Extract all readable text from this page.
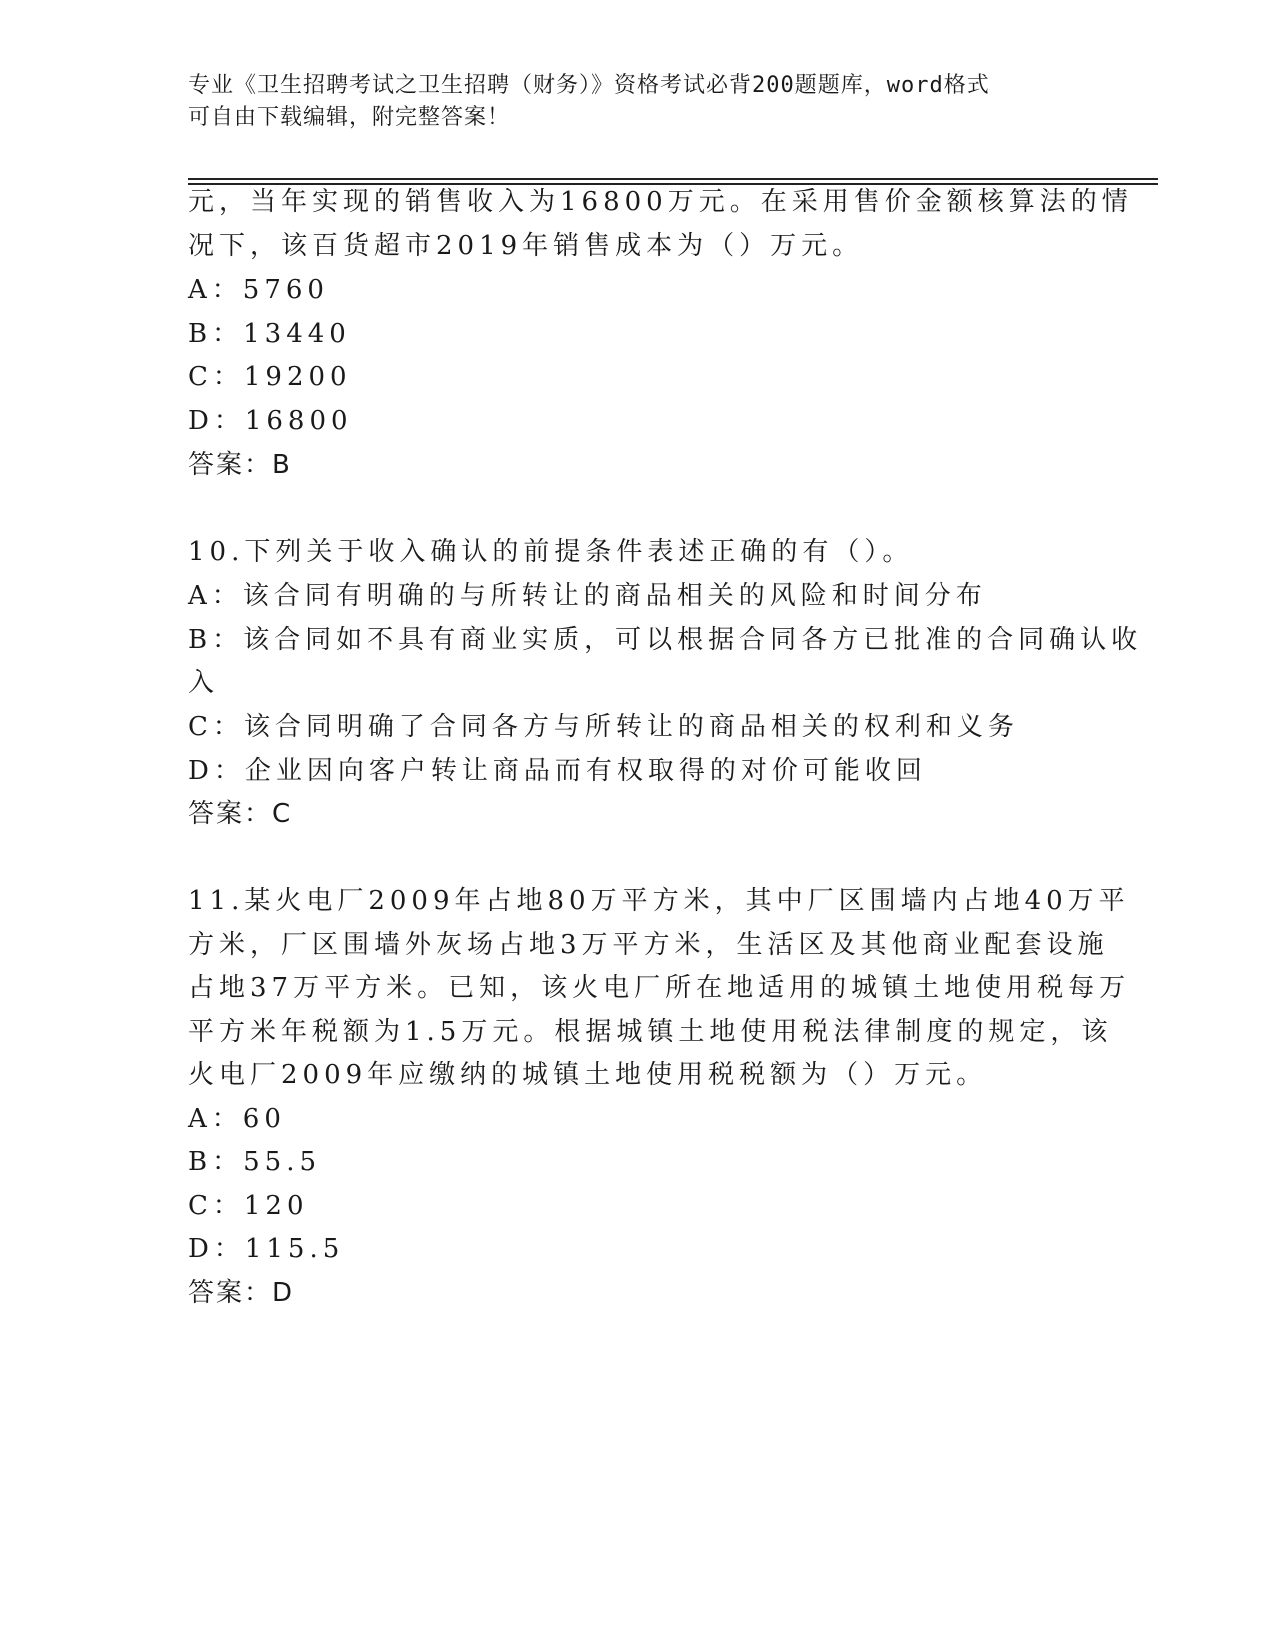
专业《卫生招聘考试之卫生招聘（财务）》资格考试必背200题题库，word格式
可自由下载编辑，附完整答案！
元，当年实现的销售收入为16800万元。在采用售价金额核算法的情
况下，该百货超市2019年销售成本为（）万元。
A：5760
B：13440
C：19200
D：16800
答案：B
10.下列关于收入确认的前提条件表述正确的有（）。
A：该合同有明确的与所转让的商品相关的风险和时间分布
B：该合同如不具有商业实质，可以根据合同各方已批准的合同确认收
入
C：该合同明确了合同各方与所转让的商品相关的权利和义务
D：企业因向客户转让商品而有权取得的对价可能收回
答案：C
11.某火电厂2009年占地80万平方米，其中厂区围墙内占地40万平
方米，厂区围墙外灰场占地3万平方米，生活区及其他商业配套设施
占地37万平方米。已知，该火电厂所在地适用的城镇土地使用税每万
平方米年税额为1.5万元。根据城镇土地使用税法律制度的规定，该
火电厂2009年应缴纳的城镇土地使用税税额为（）万元。
A：60
B：55.5
C：120
D：115.5
答案：D
